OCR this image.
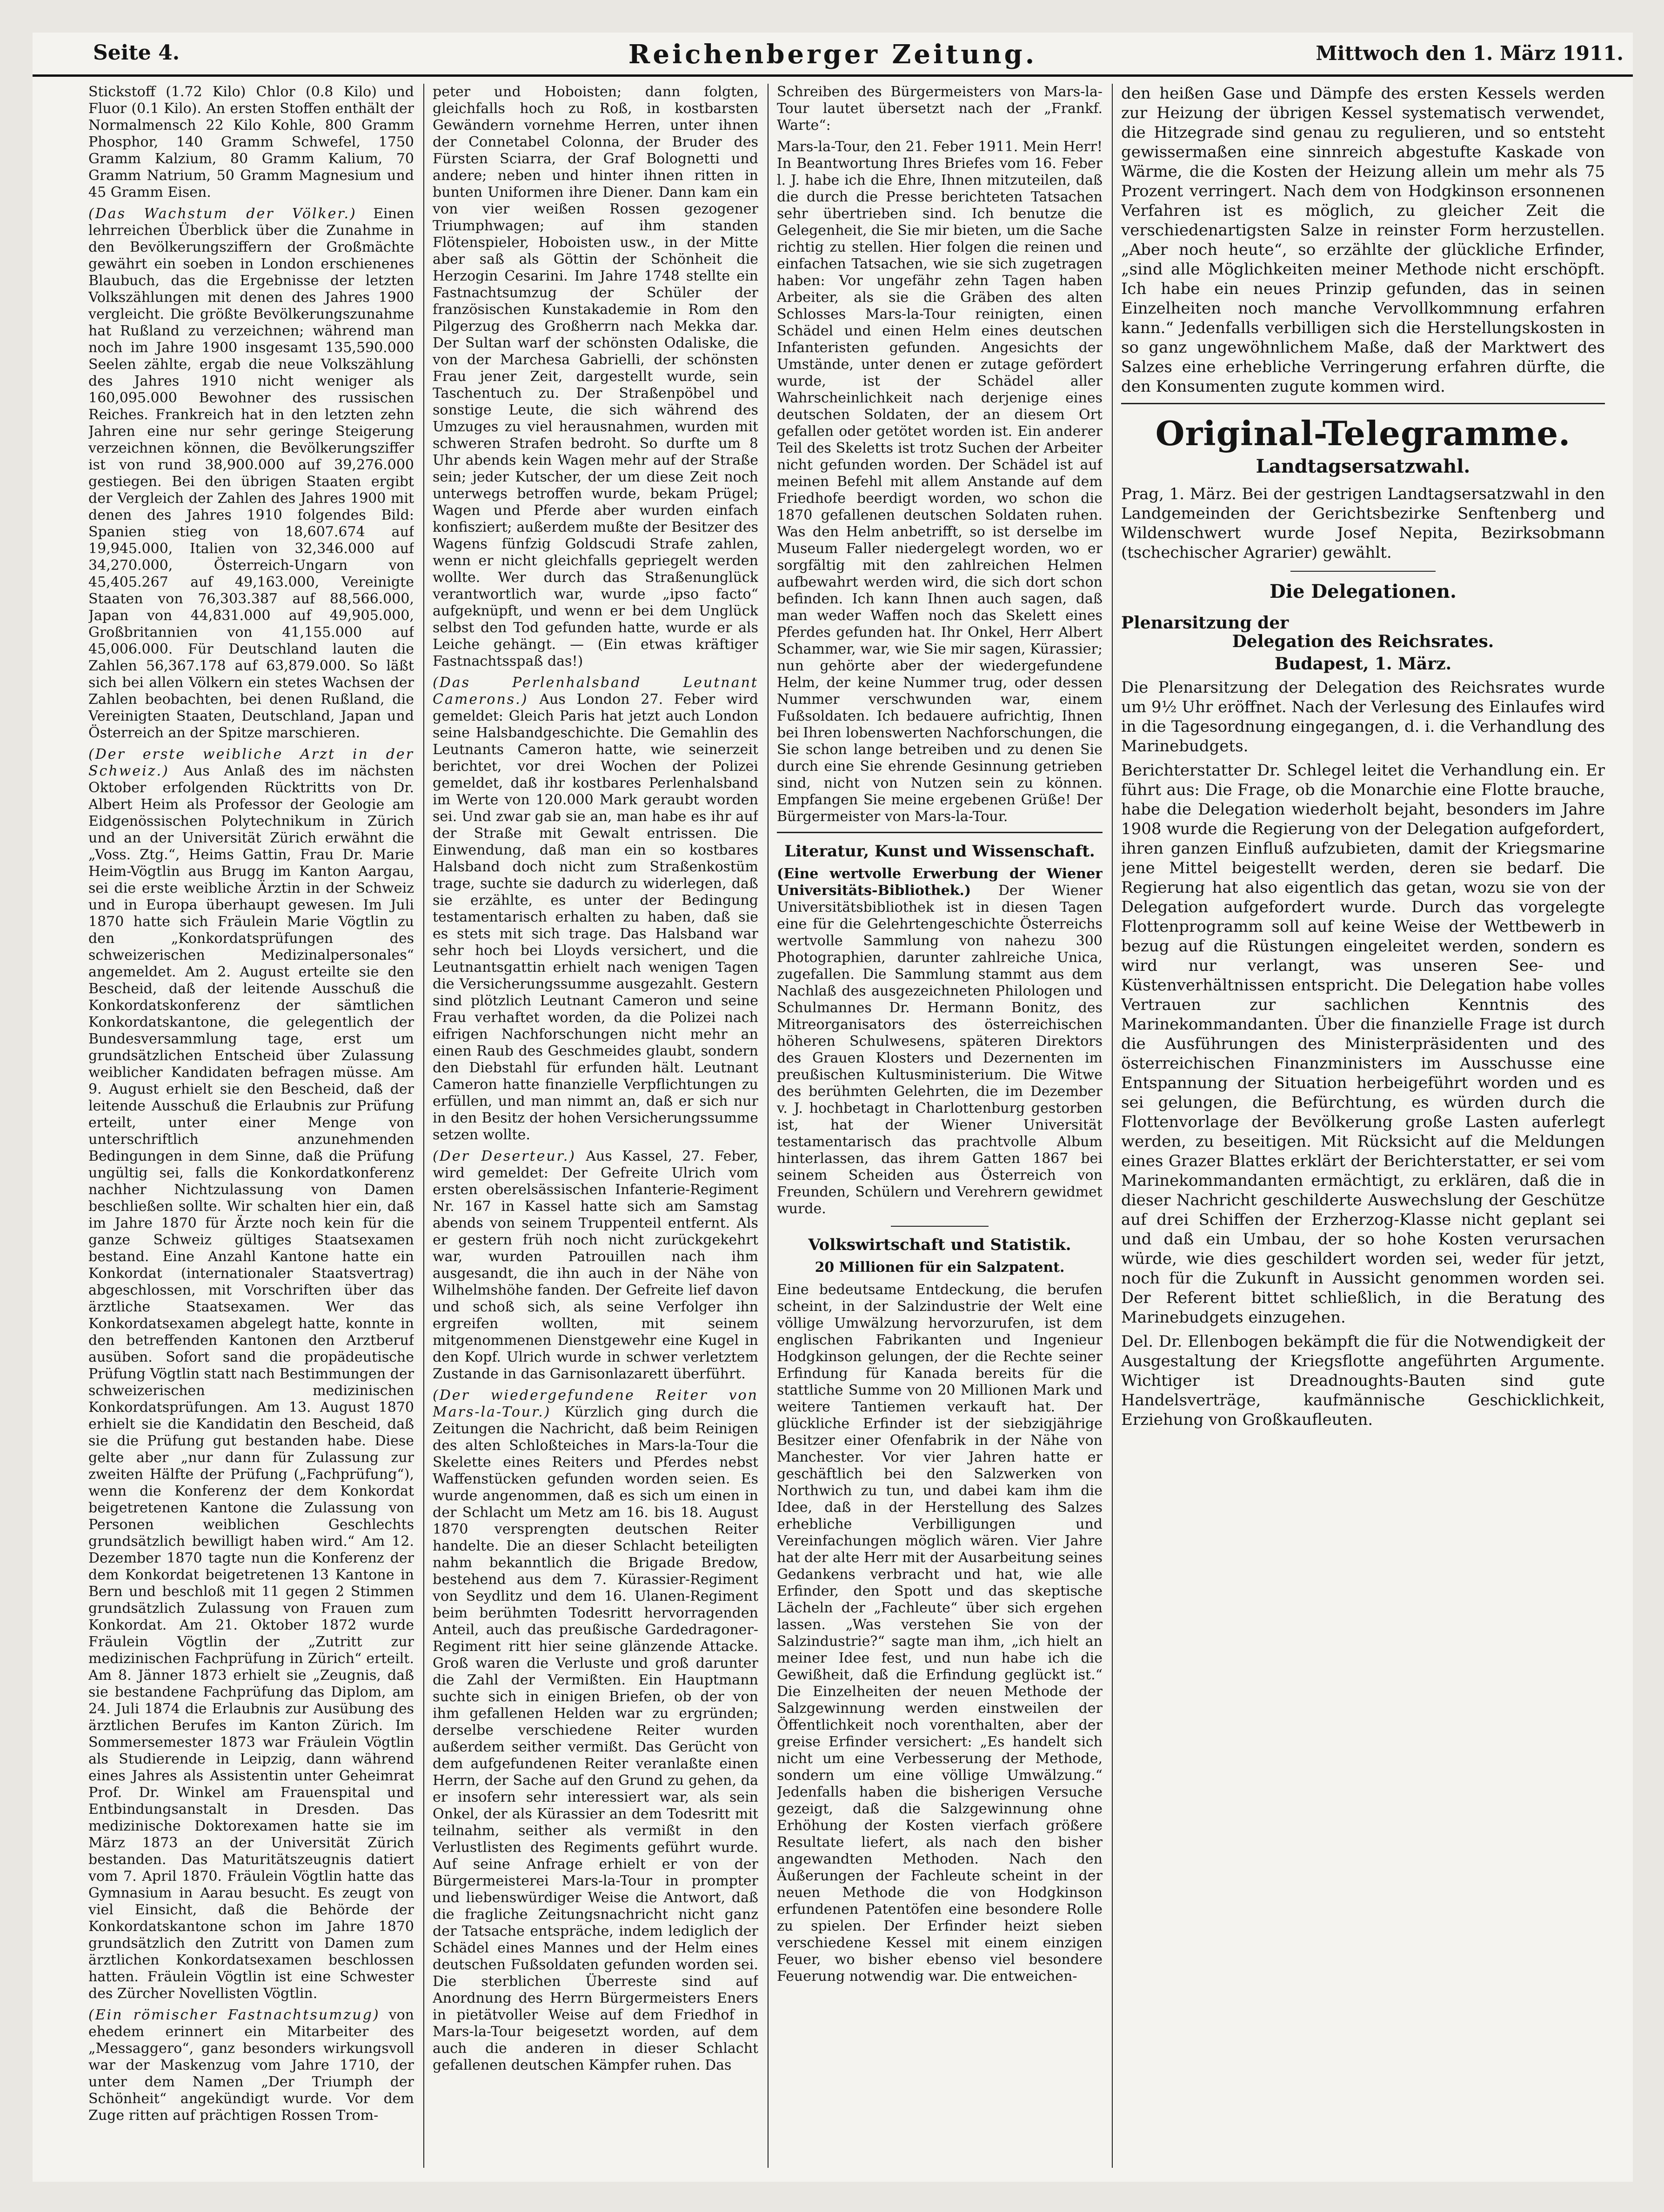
Seite 4.	Reichenberger Zeitung.	Mittwoch den 1. März 1911.

Stickstoff (1.72 Kilo) Chlor (0.8 Kilo) und Fluor (0.1 Kilo). An ersten Stoffen enthält der Normalmensch 22 Kilo Kohle, 800 Gramm Phosphor, 140 Gramm Schwefel, 1750 Gramm Kalzium, 80 Gramm Kalium, 70 Gramm Natrium, 50 Gramm Magnesium und 45 Gramm Eisen.

(Das Wachstum der Völker.) Einen lehrreichen Überblick über die Zunahme in den Bevölkerungsziffern der Großmächte gewährt ein soeben in London erschienenes Blaubuch, das die Ergebnisse der letzten Volkszählungen mit denen des Jahres 1900 vergleicht. Die größte Bevölkerungszunahme hat Rußland zu verzeichnen; während man noch im Jahre 1900 insgesamt 135,590.000 Seelen zählte, ergab die neue Volkszählung des Jahres 1910 nicht weniger als 160,095.000 Bewohner des russischen Reiches. Frankreich hat in den letzten zehn Jahren eine nur sehr geringe Steigerung verzeichnen können, die Bevölkerungsziffer ist von rund 38,900.000 auf 39,276.000 gestiegen. Bei den übrigen Staaten ergibt der Vergleich der Zahlen des Jahres 1900 mit denen des Jahres 1910 folgendes Bild: Spanien stieg von 18,607.674 auf 19,945.000, Italien von 32,346.000 auf 34,270.000, Österreich-Ungarn von 45,405.267 auf 49,163.000, Vereinigte Staaten von 76,303.387 auf 88,566.000, Japan von 44,831.000 auf 49,905.000, Großbritannien von 41,155.000 auf 45,006.000. Für Deutschland lauten die Zahlen 56,367.178 auf 63,879.000. So läßt sich bei allen Völkern ein stetes Wachsen der Zahlen beobachten, bei denen Rußland, die Vereinigten Staaten, Deutschland, Japan und Österreich an der Spitze marschieren.

(Der erste weibliche Arzt in der Schweiz.) Aus Anlaß des im nächsten Oktober erfolgenden Rücktritts von Dr. Albert Heim als Professor der Geologie am Eidgenössischen Polytechnikum in Zürich und an der Universität Zürich erwähnt die „Voss. Ztg.“, Heims Gattin, Frau Dr. Marie Heim-Vögtlin aus Brugg im Kanton Aargau, sei die erste weibliche Ärztin in der Schweiz und in Europa überhaupt gewesen. Im Juli 1870 hatte sich Fräulein Marie Vögtlin zu den „Konkordatsprüfungen des schweizerischen Medizinalpersonales“ angemeldet. Am 2. August erteilte sie den Bescheid, daß der leitende Ausschuß die Konkordatskonferenz der sämtlichen Konkordatskantone, die gelegentlich der Bundesversammlung tage, erst um grundsätzlichen Entscheid über Zulassung weiblicher Kandidaten befragen müsse. Am 9. August erhielt sie den Bescheid, daß der leitende Ausschuß die Erlaubnis zur Prüfung erteilt, unter einer Menge von unterschriftlich anzunehmenden Bedingungen in dem Sinne, daß die Prüfung ungültig sei, falls die Konkordatkonferenz nachher Nichtzulassung von Damen beschließen sollte. Wir schalten hier ein, daß im Jahre 1870 für Ärzte noch kein für die ganze Schweiz gültiges Staatsexamen bestand. Eine Anzahl Kantone hatte ein Konkordat (internationaler Staatsvertrag) abgeschlossen, mit Vorschriften über das ärztliche Staatsexamen. Wer das Konkordatsexamen abgelegt hatte, konnte in den betreffenden Kantonen den Arztberuf ausüben. Sofort sand die propädeutische Prüfung Vögtlin statt nach Bestimmungen der schweizerischen medizinischen Konkordatsprüfungen. Am 13. August 1870 erhielt sie die Kandidatin den Bescheid, daß sie die Prüfung gut bestanden habe. Diese gelte aber „nur dann für Zulassung zur zweiten Hälfte der Prüfung („Fachprüfung“), wenn die Konferenz der dem Konkordat beigetretenen Kantone die Zulassung von Personen weiblichen Geschlechts grundsätzlich bewilligt haben wird.“ Am 12. Dezember 1870 tagte nun die Konferenz der dem Konkordat beigetretenen 13 Kantone in Bern und beschloß mit 11 gegen 2 Stimmen grundsätzlich Zulassung von Frauen zum Konkordat. Am 21. Oktober 1872 wurde Fräulein Vögtlin der „Zutritt zur medizinischen Fachprüfung in Zürich“ erteilt. Am 8. Jänner 1873 erhielt sie „Zeugnis, daß sie bestandene Fachprüfung das Diplom, am 24. Juli 1874 die Erlaubnis zur Ausübung des ärztlichen Berufes im Kanton Zürich. Im Sommersemester 1873 war Fräulein Vögtlin als Studierende in Leipzig, dann während eines Jahres als Assistentin unter Geheimrat Prof. Dr. Winkel am Frauenspital und Entbindungsanstalt in Dresden. Das medizinische Doktorexamen hatte sie im März 1873 an der Universität Zürich bestanden. Das Maturitätszeugnis datiert vom 7. April 1870. Fräulein Vögtlin hatte das Gymnasium in Aarau besucht. Es zeugt von viel Einsicht, daß die Behörde der Konkordatskantone schon im Jahre 1870 grundsätzlich den Zutritt von Damen zum ärztlichen Konkordatsexamen beschlossen hatten. Fräulein Vögtlin ist eine Schwester des Zürcher Novellisten Vögtlin.

(Ein römischer Fastnachtsumzug) von ehedem erinnert ein Mitarbeiter des „Messaggero“, ganz besonders wirkungsvoll war der Maskenzug vom Jahre 1710, der unter dem Namen „Der Triumph der Schönheit“ angekündigt wurde. Vor dem Zuge ritten auf prächtigen Rossen Trom-

peter und Hoboisten; dann folgten, gleichfalls hoch zu Roß, in kostbarsten Gewändern vornehme Herren, unter ihnen der Connetabel Colonna, der Bruder des Fürsten Sciarra, der Graf Bolognetti und andere; neben und hinter ihnen ritten in bunten Uniformen ihre Diener. Dann kam ein von vier weißen Rossen gezogener Triumphwagen; auf ihm standen Flötenspieler, Hoboisten usw., in der Mitte aber saß als Göttin der Schönheit die Herzogin Cesarini. Im Jahre 1748 stellte ein Fastnachtsumzug der Schüler der französischen Kunstakademie in Rom den Pilgerzug des Großherrn nach Mekka dar. Der Sultan warf der schönsten Odaliske, die von der Marchesa Gabrielli, der schönsten Frau jener Zeit, dargestellt wurde, sein Taschentuch zu. Der Straßenpöbel und sonstige Leute, die sich während des Umzuges zu viel herausnahmen, wurden mit schweren Strafen bedroht. So durfte um 8 Uhr abends kein Wagen mehr auf der Straße sein; jeder Kutscher, der um diese Zeit noch unterwegs betroffen wurde, bekam Prügel; Wagen und Pferde aber wurden einfach konfisziert; außerdem mußte der Besitzer des Wagens fünfzig Goldscudi Strafe zahlen, wenn er nicht gleichfalls gepriegelt werden wollte. Wer durch das Straßenunglück verantwortlich war, wurde „ipso facto“ aufgeknüpft, und wenn er bei dem Unglück selbst den Tod gefunden hatte, wurde er als Leiche gehängt. — (Ein etwas kräftiger Fastnachtsspaß das!)

(Das Perlenhalsband Leutnant Camerons.) Aus London 27. Feber wird gemeldet: Gleich Paris hat jetzt auch London seine Halsbandgeschichte. Die Gemahlin des Leutnants Cameron hatte, wie seinerzeit berichtet, vor drei Wochen der Polizei gemeldet, daß ihr kostbares Perlenhalsband im Werte von 120.000 Mark geraubt worden sei. Und zwar gab sie an, man habe es ihr auf der Straße mit Gewalt entrissen. Die Einwendung, daß man ein so kostbares Halsband doch nicht zum Straßenkostüm trage, suchte sie dadurch zu widerlegen, daß sie erzählte, es unter der Bedingung testamentarisch erhalten zu haben, daß sie es stets mit sich trage. Das Halsband war sehr hoch bei Lloyds versichert, und die Leutnantsgattin erhielt nach wenigen Tagen die Versicherungssumme ausgezahlt. Gestern sind plötzlich Leutnant Cameron und seine Frau verhaftet worden, da die Polizei nach eifrigen Nachforschungen nicht mehr an einen Raub des Geschmeides glaubt, sondern den Diebstahl für erfunden hält. Leutnant Cameron hatte finanzielle Verpflichtungen zu erfüllen, und man nimmt an, daß er sich nur in den Besitz der hohen Versicherungssumme setzen wollte.

(Der Deserteur.) Aus Kassel, 27. Feber, wird gemeldet: Der Gefreite Ulrich vom ersten oberelsässischen Infanterie-Regiment Nr. 167 in Kassel hatte sich am Samstag abends von seinem Truppenteil entfernt. Als er gestern früh noch nicht zurückgekehrt war, wurden Patrouillen nach ihm ausgesandt, die ihn auch in der Nähe von Wilhelmshöhe fanden. Der Gefreite lief davon und schoß sich, als seine Verfolger ihn ergreifen wollten, mit seinem mitgenommenen Dienstgewehr eine Kugel in den Kopf. Ulrich wurde in schwer verletztem Zustande in das Garnisonlazarett überführt.

(Der wiedergefundene Reiter von Mars-la-Tour.) Kürzlich ging durch die Zeitungen die Nachricht, daß beim Reinigen des alten Schloßteiches in Mars-la-Tour die Skelette eines Reiters und Pferdes nebst Waffenstücken gefunden worden seien. Es wurde angenommen, daß es sich um einen in der Schlacht um Metz am 16. bis 18. August 1870 versprengten deutschen Reiter handelte. Die an dieser Schlacht beteiligten nahm bekanntlich die Brigade Bredow, bestehend aus dem 7. Kürassier-Regiment von Seydlitz und dem 16. Ulanen-Regiment beim berühmten Todesritt hervorragenden Anteil, auch das preußische Gardedragoner-Regiment ritt hier seine glänzende Attacke. Groß waren die Verluste und groß darunter die Zahl der Vermißten. Ein Hauptmann suchte sich in einigen Briefen, ob der von ihm gefallenen Helden war zu ergründen; derselbe verschiedene Reiter wurden außerdem seither vermißt. Das Gerücht von dem aufgefundenen Reiter veranlaßte einen Herrn, der Sache auf den Grund zu gehen, da er insofern sehr interessiert war, als sein Onkel, der als Kürassier an dem Todesritt mit teilnahm, seither als vermißt in den Verlustlisten des Regiments geführt wurde. Auf seine Anfrage erhielt er von der Bürgermeisterei Mars-la-Tour in prompter und liebenswürdiger Weise die Antwort, daß die fragliche Zeitungsnachricht nicht ganz der Tatsache entspräche, indem lediglich der Schädel eines Mannes und der Helm eines deutschen Fußsoldaten gefunden worden sei. Die sterblichen Überreste sind auf Anordnung des Herrn Bürgermeisters Eners in pietätvoller Weise auf dem Friedhof in Mars-la-Tour beigesetzt worden, auf dem auch die anderen in dieser Schlacht gefallenen deutschen Kämpfer ruhen. Das

Schreiben des Bürgermeisters von Mars-la-Tour lautet übersetzt nach der „Frankf. Warte“:

Mars-la-Tour, den 21. Feber 1911. Mein Herr! In Beantwortung Ihres Briefes vom 16. Feber l. J. habe ich die Ehre, Ihnen mitzuteilen, daß die durch die Presse berichteten Tatsachen sehr übertrieben sind. Ich benutze die Gelegenheit, die Sie mir bieten, um die Sache richtig zu stellen. Hier folgen die reinen und einfachen Tatsachen, wie sie sich zugetragen haben: Vor ungefähr zehn Tagen haben Arbeiter, als sie die Gräben des alten Schlosses Mars-la-Tour reinigten, einen Schädel und einen Helm eines deutschen Infanteristen gefunden. Angesichts der Umstände, unter denen er zutage gefördert wurde, ist der Schädel aller Wahrscheinlichkeit nach derjenige eines deutschen Soldaten, der an diesem Ort gefallen oder getötet worden ist. Ein anderer Teil des Skeletts ist trotz Suchen der Arbeiter nicht gefunden worden. Der Schädel ist auf meinen Befehl mit allem Anstande auf dem Friedhofe beerdigt worden, wo schon die 1870 gefallenen deutschen Soldaten ruhen. Was den Helm anbetrifft, so ist derselbe im Museum Faller niedergelegt worden, wo er sorgfältig mit den zahlreichen Helmen aufbewahrt werden wird, die sich dort schon befinden. Ich kann Ihnen auch sagen, daß man weder Waffen noch das Skelett eines Pferdes gefunden hat. Ihr Onkel, Herr Albert Schammer, war, wie Sie mir sagen, Kürassier; nun gehörte aber der wiedergefundene Helm, der keine Nummer trug, oder dessen Nummer verschwunden war, einem Fußsoldaten. Ich bedauere aufrichtig, Ihnen bei Ihren lobenswerten Nachforschungen, die Sie schon lange betreiben und zu denen Sie durch eine Sie ehrende Gesinnung getrieben sind, nicht von Nutzen sein zu können. Empfangen Sie meine ergebenen Grüße! Der Bürgermeister von Mars-la-Tour.

Literatur, Kunst und Wissenschaft.

(Eine wertvolle Erwerbung der Wiener Universitäts-Bibliothek.) Der Wiener Universitätsbibliothek ist in diesen Tagen eine für die Gelehrtengeschichte Österreichs wertvolle Sammlung von nahezu 300 Photographien, darunter zahlreiche Unica, zugefallen. Die Sammlung stammt aus dem Nachlaß des ausgezeichneten Philologen und Schulmannes Dr. Hermann Bonitz, des Mitreorganisators des österreichischen höheren Schulwesens, späteren Direktors des Grauen Klosters und Dezernenten im preußischen Kultusministerium. Die Witwe des berühmten Gelehrten, die im Dezember v. J. hochbetagt in Charlottenburg gestorben ist, hat der Wiener Universität testamentarisch das prachtvolle Album hinterlassen, das ihrem Gatten 1867 bei seinem Scheiden aus Österreich von Freunden, Schülern und Verehrern gewidmet wurde.

Volkswirtschaft und Statistik.
20 Millionen für ein Salzpatent.

Eine bedeutsame Entdeckung, die berufen scheint, in der Salzindustrie der Welt eine völlige Umwälzung hervorzurufen, ist dem englischen Fabrikanten und Ingenieur Hodgkinson gelungen, der die Rechte seiner Erfindung für Kanada bereits für die stattliche Summe von 20 Millionen Mark und weitere Tantiemen verkauft hat. Der glückliche Erfinder ist der siebzigjährige Besitzer einer Ofenfabrik in der Nähe von Manchester. Vor vier Jahren hatte er geschäftlich bei den Salzwerken von Northwich zu tun, und dabei kam ihm die Idee, daß in der Herstellung des Salzes erhebliche Verbilligungen und Vereinfachungen möglich wären. Vier Jahre hat der alte Herr mit der Ausarbeitung seines Gedankens verbracht und hat, wie alle Erfinder, den Spott und das skeptische Lächeln der „Fachleute“ über sich ergehen lassen. „Was verstehen Sie von der Salzindustrie?“ sagte man ihm, „ich hielt an meiner Idee fest, und nun habe ich die Gewißheit, daß die Erfindung geglückt ist.“ Die Einzelheiten der neuen Methode der Salzgewinnung werden einstweilen der Öffentlichkeit noch vorenthalten, aber der greise Erfinder versichert: „Es handelt sich nicht um eine Verbesserung der Methode, sondern um eine völlige Umwälzung.“ Jedenfalls haben die bisherigen Versuche gezeigt, daß die Salzgewinnung ohne Erhöhung der Kosten vierfach größere Resultate liefert, als nach den bisher angewandten Methoden. Nach den Äußerungen der Fachleute scheint in der neuen Methode die von Hodgkinson erfundenen Patentöfen eine besondere Rolle zu spielen. Der Erfinder heizt sieben verschiedene Kessel mit einem einzigen Feuer, wo bisher ebenso viel besondere Feuerung notwendig war. Die entweichen-

den heißen Gase und Dämpfe des ersten Kessels werden zur Heizung der übrigen Kessel systematisch verwendet, die Hitzegrade sind genau zu regulieren, und so entsteht gewissermaßen eine sinnreich abgestufte Kaskade von Wärme, die die Kosten der Heizung allein um mehr als 75 Prozent verringert. Nach dem von Hodgkinson ersonnenen Verfahren ist es möglich, zu gleicher Zeit die verschiedenartigsten Salze in reinster Form herzustellen. „Aber noch heute“, so erzählte der glückliche Erfinder, „sind alle Möglichkeiten meiner Methode nicht erschöpft. Ich habe ein neues Prinzip gefunden, das in seinen Einzelheiten noch manche Vervollkommnung erfahren kann.“ Jedenfalls verbilligen sich die Herstellungskosten in so ganz ungewöhnlichem Maße, daß der Marktwert des Salzes eine erhebliche Verringerung erfahren dürfte, die den Konsumenten zugute kommen wird.

Original-Telegramme.
Landtagsersatzwahl.

Prag, 1. März. Bei der gestrigen Landtagsersatzwahl in den Landgemeinden der Gerichtsbezirke Senftenberg und Wildenschwert wurde Josef Nepita, Bezirksobmann (tschechischer Agrarier) gewählt.

Die Delegationen.
Plenarsitzung der
Delegation des Reichsrates.
Budapest, 1. März.

Die Plenarsitzung der Delegation des Reichsrates wurde um 9½ Uhr eröffnet. Nach der Verlesung des Einlaufes wird in die Tagesordnung eingegangen, d. i. die Verhandlung des Marinebudgets.

Berichterstatter Dr. Schlegel leitet die Verhandlung ein. Er führt aus: Die Frage, ob die Monarchie eine Flotte brauche, habe die Delegation wiederholt bejaht, besonders im Jahre 1908 wurde die Regierung von der Delegation aufgefordert, ihren ganzen Einfluß aufzubieten, damit der Kriegsmarine jene Mittel beigestellt werden, deren sie bedarf. Die Regierung hat also eigentlich das getan, wozu sie von der Delegation aufgefordert wurde. Durch das vorgelegte Flottenprogramm soll auf keine Weise der Wettbewerb in bezug auf die Rüstungen eingeleitet werden, sondern es wird nur verlangt, was unseren See- und Küstenverhältnissen entspricht. Die Delegation habe volles Vertrauen zur sachlichen Kenntnis des Marinekommandanten. Über die finanzielle Frage ist durch die Ausführungen des Ministerpräsidenten und des österreichischen Finanzministers im Ausschusse eine Entspannung der Situation herbeigeführt worden und es sei gelungen, die Befürchtung, es würden durch die Flottenvorlage der Bevölkerung große Lasten auferlegt werden, zu beseitigen. Mit Rücksicht auf die Meldungen eines Grazer Blattes erklärt der Berichterstatter, er sei vom Marinekommandanten ermächtigt, zu erklären, daß die in dieser Nachricht geschilderte Auswechslung der Geschütze auf drei Schiffen der Erzherzog-Klasse nicht geplant sei und daß ein Umbau, der so hohe Kosten verursachen würde, wie dies geschildert worden sei, weder für jetzt, noch für die Zukunft in Aussicht genommen worden sei. Der Referent bittet schließlich, in die Beratung des Marinebudgets einzugehen.

Del. Dr. Ellenbogen bekämpft die für die Notwendigkeit der Ausgestaltung der Kriegsflotte angeführten Argumente. Wichtiger ist Dreadnoughts-Bauten sind gute Handelsverträge, kaufmännische Geschicklichkeit, Erziehung von Großkaufleuten.
